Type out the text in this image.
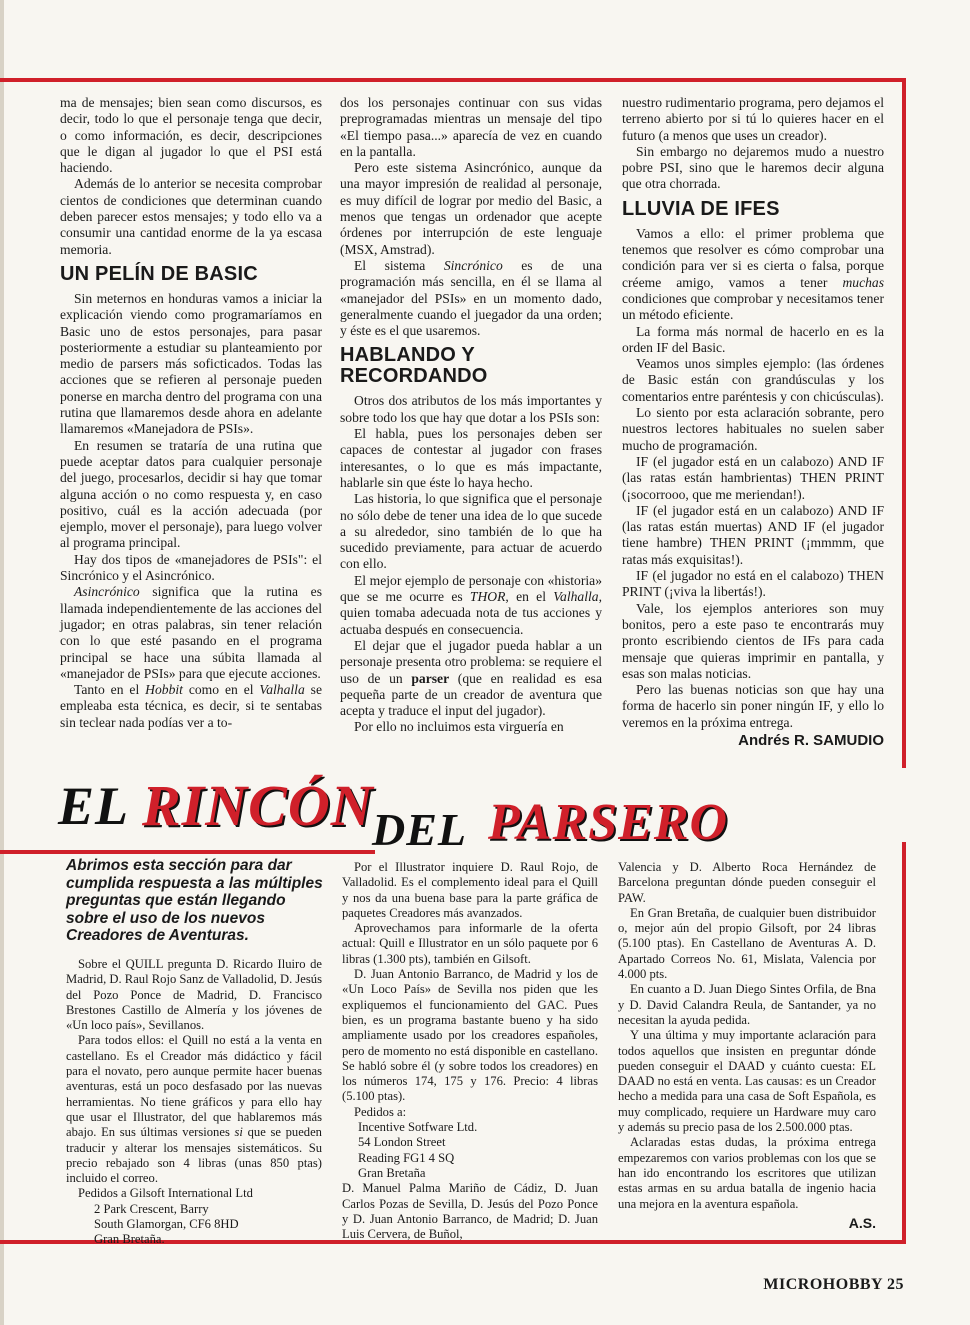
ma de mensajes; bien sean como discursos, es decir, todo lo que el personaje tenga que decir, o como información, es decir, descripciones que le digan al jugador lo que el PSI está haciendo.

Además de lo anterior se necesita comprobar cientos de condiciones que determinan cuando deben parecer estos mensajes; y todo ello va a consumir una cantidad enorme de la ya escasa memoria.

UN PELÍN DE BASIC

Sin meternos en honduras vamos a iniciar la explicación viendo como programaríamos en Basic uno de estos personajes, para pasar posteriormente a estudiar su planteamiento por medio de parsers más soficticados. Todas las acciones que se refieren al personaje pueden ponerse en marcha dentro del programa con una rutina que llamaremos desde ahora en adelante llamaremos «Manejadora de PSIs».

En resumen se trataría de una rutina que puede aceptar datos para cualquier personaje del juego, procesarlos, decidir si hay que tomar alguna acción o no como respuesta y, en caso positivo, cuál es la acción adecuada (por ejemplo, mover el personaje), para luego volver al programa principal.

Hay dos tipos de «manejadores de PSIs": el Sincrónico y el Asincrónico.

Asincrónico significa que la rutina es llamada independientemente de las acciones del jugador; en otras palabras, sin tener relación con lo que esté pasando en el programa principal se hace una súbita llamada al «manejador de PSIs» para que ejecute acciones.

Tanto en el Hobbit como en el Valhalla se empleaba esta técnica, es decir, si te sentabas sin teclear nada podías ver a to-

dos los personajes continuar con sus vidas preprogramadas mientras un mensaje del tipo «El tiempo pasa...» aparecía de vez en cuando en la pantalla.

Pero este sistema Asincrónico, aunque da una mayor impresión de realidad al personaje, es muy difícil de lograr por medio del Basic, a menos que tengas un ordenador que acepte órdenes por interrupción de este lenguaje (MSX, Amstrad).

El sistema Sincrónico es de una programación más sencilla, en él se llama al «manejador del PSIs» en un momento dado, generalmente cuando el juegador da una orden; y éste es el que usaremos.

HABLANDO Y RECORDANDO

Otros dos atributos de los más importantes y sobre todo los que hay que dotar a los PSIs son:

El habla, pues los personajes deben ser capaces de contestar al jugador con frases interesantes, o lo que es más impactante, hablarle sin que éste lo haya hecho.

Las historia, lo que significa que el personaje no sólo debe de tener una idea de lo que sucede a su alrededor, sino también de lo que ha sucedido previamente, para actuar de acuerdo con ello.

El mejor ejemplo de personaje con «historia» que se me ocurre es THOR, en el Valhalla, quien tomaba adecuada nota de tus acciones y actuaba después en consecuencia.

El dejar que el jugador pueda hablar a un personaje presenta otro problema: se requiere el uso de un parser (que en realidad es esa pequeña parte de un creador de aventura que acepta y traduce el input del jugador).

Por ello no incluimos esta virguería en

nuestro rudimentario programa, pero dejamos el terreno abierto por si tú lo quieres hacer en el futuro (a menos que uses un creador).

Sin embargo no dejaremos mudo a nuestro pobre PSI, sino que le haremos decir alguna que otra chorrada.

LLUVIA DE IFES

Vamos a ello: el primer problema que tenemos que resolver es cómo comprobar una condición para ver si es cierta o falsa, porque créeme amigo, vamos a tener muchas condiciones que comprobar y necesitamos tener un método eficiente.

La forma más normal de hacerlo en es la orden IF del Basic.

Veamos unos simples ejemplo: (las órdenes de Basic están con grandúsculas y los comentarios entre paréntesis y con chicúsculas).

Lo siento por esta aclaración sobrante, pero nuestros lectores habituales no suelen saber mucho de programación.

IF (el jugador está en un calabozo) AND IF (las ratas están hambrientas) THEN PRINT (¡socorrooo, que me meriendan!).

IF (el jugador está en un calabozo) AND IF (las ratas están muertas) AND IF (el jugador tiene hambre) THEN PRINT (¡mmmm, que ratas más exquisitas!).

IF (el jugador no está en el calabozo) THEN PRINT (¡viva la libertás!).

Vale, los ejemplos anteriores son muy bonitos, pero a este paso te encontrarás muy pronto escribiendo cientos de IFs para cada mensaje que quieras imprimir en pantalla, y esas son malas noticias.

Pero las buenas noticias son que hay una forma de hacerlo sin poner ningún IF, y ello lo veremos en la próxima entrega.

Andrés R. SAMUDIO

EL RINCÓN
DEL PARSERO
Abrimos esta sección para dar cumplida respuesta a las múltiples preguntas que están llegando sobre el uso de los nuevos Creadores de Aventuras.

Sobre el QUILL pregunta D. Ricardo Iluiro de Madrid, D. Raul Rojo Sanz de Valladolid, D. Jesús del Pozo Ponce de Madrid, D. Francisco Brestones Castillo de Almería y los jóvenes de «Un loco país», Sevillanos.

Para todos ellos: el Quill no está a la venta en castellano. Es el Creador más didáctico y fácil para el novato, pero aunque permite hacer buenas aventuras, está un poco desfasado por las nuevas herramientas. No tiene gráficos y para ello hay que usar el Illustrator, del que hablaremos más abajo. En sus últimas versiones si que se pueden traducir y alterar los mensajes sistemáticos. Su precio rebajado son 4 libras (unas 850 ptas) incluido el correo.

Pedidos a Gilsoft International Ltd

2 Park Crescent, Barry

South Glamorgan, CF6 8HD

Gran Bretaña.

Por el Illustrator inquiere D. Raul Rojo, de Valladolid. Es el complemento ideal para el Quill y nos da una buena base para la parte gráfica de paquetes Creadores más avanzados.

Aprovechamos para informarle de la oferta actual: Quill e Illustrator en un sólo paquete por 6 libras (1.300 pts), también en Gilsoft.

D. Juan Antonio Barranco, de Madrid y los de «Un Loco País» de Sevilla nos piden que les expliquemos el funcionamiento del GAC. Pues bien, es un programa bastante bueno y ha sido ampliamente usado por los creadores españoles, pero de momento no está disponible en castellano. Se habló sobre él (y sobre todos los creadores) en los números 174, 175 y 176. Precio: 4 libras (5.100 ptas).

Pedidos a:

Incentive Sotfware Ltd.

54 London Street

Reading FG1 4 SQ

Gran Bretaña

D. Manuel Palma Mariño de Cádiz, D. Juan Carlos Pozas de Sevilla, D. Jesús del Pozo Ponce y D. Juan Antonio Barranco, de Madrid; D. Juan Luis Cervera, de Buñol,

Valencia y D. Alberto Roca Hernández de Barcelona preguntan dónde pueden conseguir el PAW.

En Gran Bretaña, de cualquier buen distribuidor o, mejor aún del propio Gilsoft, por 24 libras (5.100 ptas). En Castellano de Aventuras A. D. Apartado Correos No. 61, Mislata, Valencia por 4.000 pts.

En cuanto a D. Juan Diego Sintes Orfila, de Bna y D. David Calandra Reula, de Santander, ya no necesitan la ayuda pedida.

Y una última y muy importante aclaración para todos aquellos que insisten en preguntar dónde pueden conseguir el DAAD y cuánto cuesta: EL DAAD no está en venta. Las causas: es un Creador hecho a medida para una casa de Soft Española, es muy complicado, requiere un Hardware muy caro y además su precio pasa de los 2.500.000 ptas.

Aclaradas estas dudas, la próxima entrega empezaremos con varios problemas con los que se han ido encontrando los escritores que utilizan estas armas en su ardua batalla de ingenio hacia una mejora en la aventura española.

A.S.

MICROHOBBY 25
